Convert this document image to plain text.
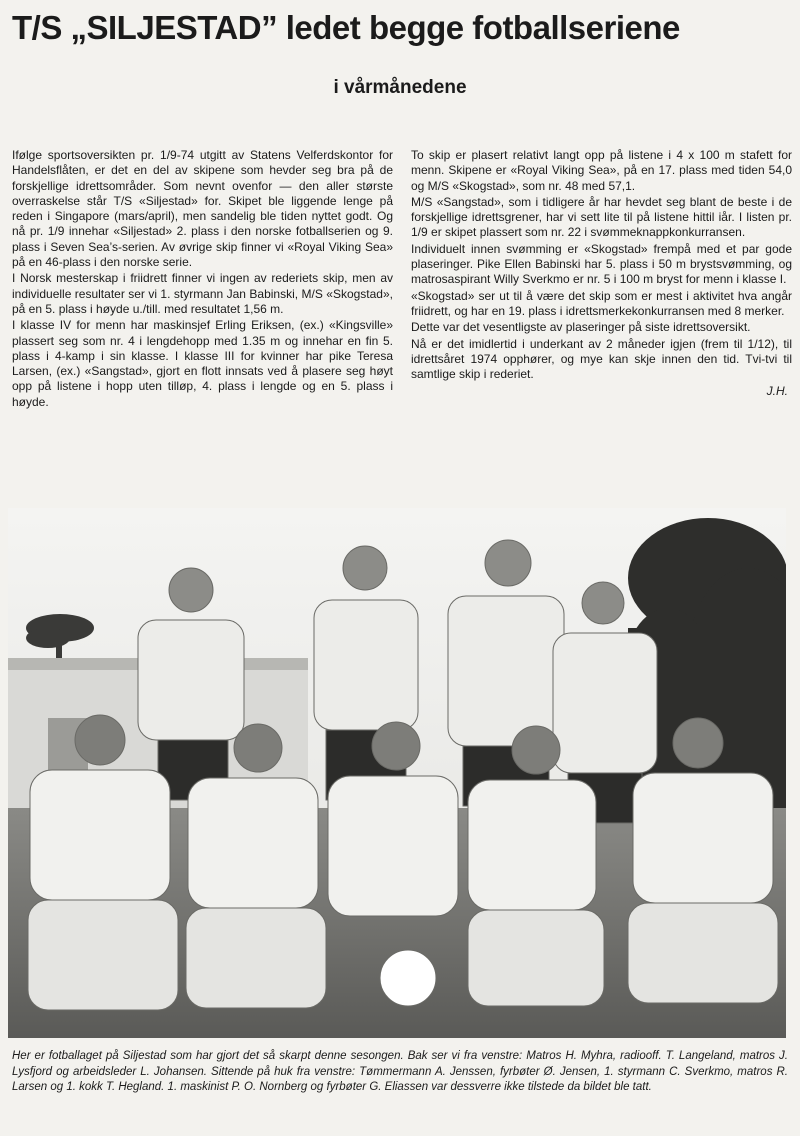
T/S „SILJESTAD” ledet begge fotballseriene
i vårmånedene

Ifølge sportsoversikten pr. 1/9-74 utgitt av Statens Velferdskontor for Handelsflåten, er det en del av skipene som hevder seg bra på de forskjellige idrettsområder. Som nevnt ovenfor — den aller største overraskelse står T/S «Siljestad» for. Skipet ble liggende lenge på reden i Singapore (mars/april), men sandelig ble tiden nyttet godt. Og nå pr. 1/9 innehar «Siljestad» 2. plass i den norske fotballserien og 9. plass i Seven Sea’s-serien. Av øvrige skip finner vi «Royal Viking Sea» på en 46-plass i den norske serie.

I Norsk mesterskap i friidrett finner vi ingen av rederiets skip, men av individuelle resultater ser vi 1. styrmann Jan Babinski, M/S «Skogstad», på en 5. plass i høyde u./till. med resultatet 1,56 m.

I klasse IV for menn har maskinsjef Erling Eriksen, (ex.) «Kingsville» plassert seg som nr. 4 i lengdehopp med 1.35 m og innehar en fin 5. plass i 4-kamp i sin klasse. I klasse III for kvinner har pike Teresa Larsen, (ex.) «Sangstad», gjort en flott innsats ved å plasere seg høyt opp på listene i hopp uten tilløp, 4. plass i lengde og en 5. plass i høyde.

To skip er plasert relativt langt opp på listene i 4 x 100 m stafett for menn. Skipene er «Royal Viking Sea», på en 17. plass med tiden 54,0 og M/S «Skogstad», som nr. 48 med 57,1.

M/S «Sangstad», som i tidligere år har hevdet seg blant de beste i de forskjellige idrettsgrener, har vi sett lite til på listene hittil iår. I listen pr. 1/9 er skipet plassert som nr. 22 i svømmeknappkonkurransen.

Individuelt innen svømming er «Skogstad» frempå med et par gode plaseringer. Pike Ellen Babinski har 5. plass i 50 m brystsvømming, og matrosaspirant Willy Sverkmo er nr. 5 i 100 m bryst for menn i klasse I.

«Skogstad» ser ut til å være det skip som er mest i aktivitet hva angår friidrett, og har en 19. plass i idrettsmerkekonkurransen med 8 merker.

Dette var det vesentligste av plaseringer på siste idrettsoversikt.

Nå er det imidlertid i underkant av 2 måneder igjen (frem til 1/12), til idrettsåret 1974 opphører, og mye kan skje innen den tid. Tvi-tvi til samtlige skip i rederiet.

J.H.
Her er fotballaget på Siljestad som har gjort det så skarpt denne sesongen. Bak ser vi fra venstre: Matros H. Myhra, radiooff. T. Langeland, matros J. Lysfjord og arbeidsleder L. Johansen. Sittende på huk fra venstre: Tømmermann A. Jenssen, fyrbøter Ø. Jensen, 1. styrmann C. Sverkmo, matros R. Larsen og 1. kokk T. Hegland. 1. maskinist P. O. Nornberg og fyrbøter G. Eliassen var dessverre ikke tilstede da bildet ble tatt.
